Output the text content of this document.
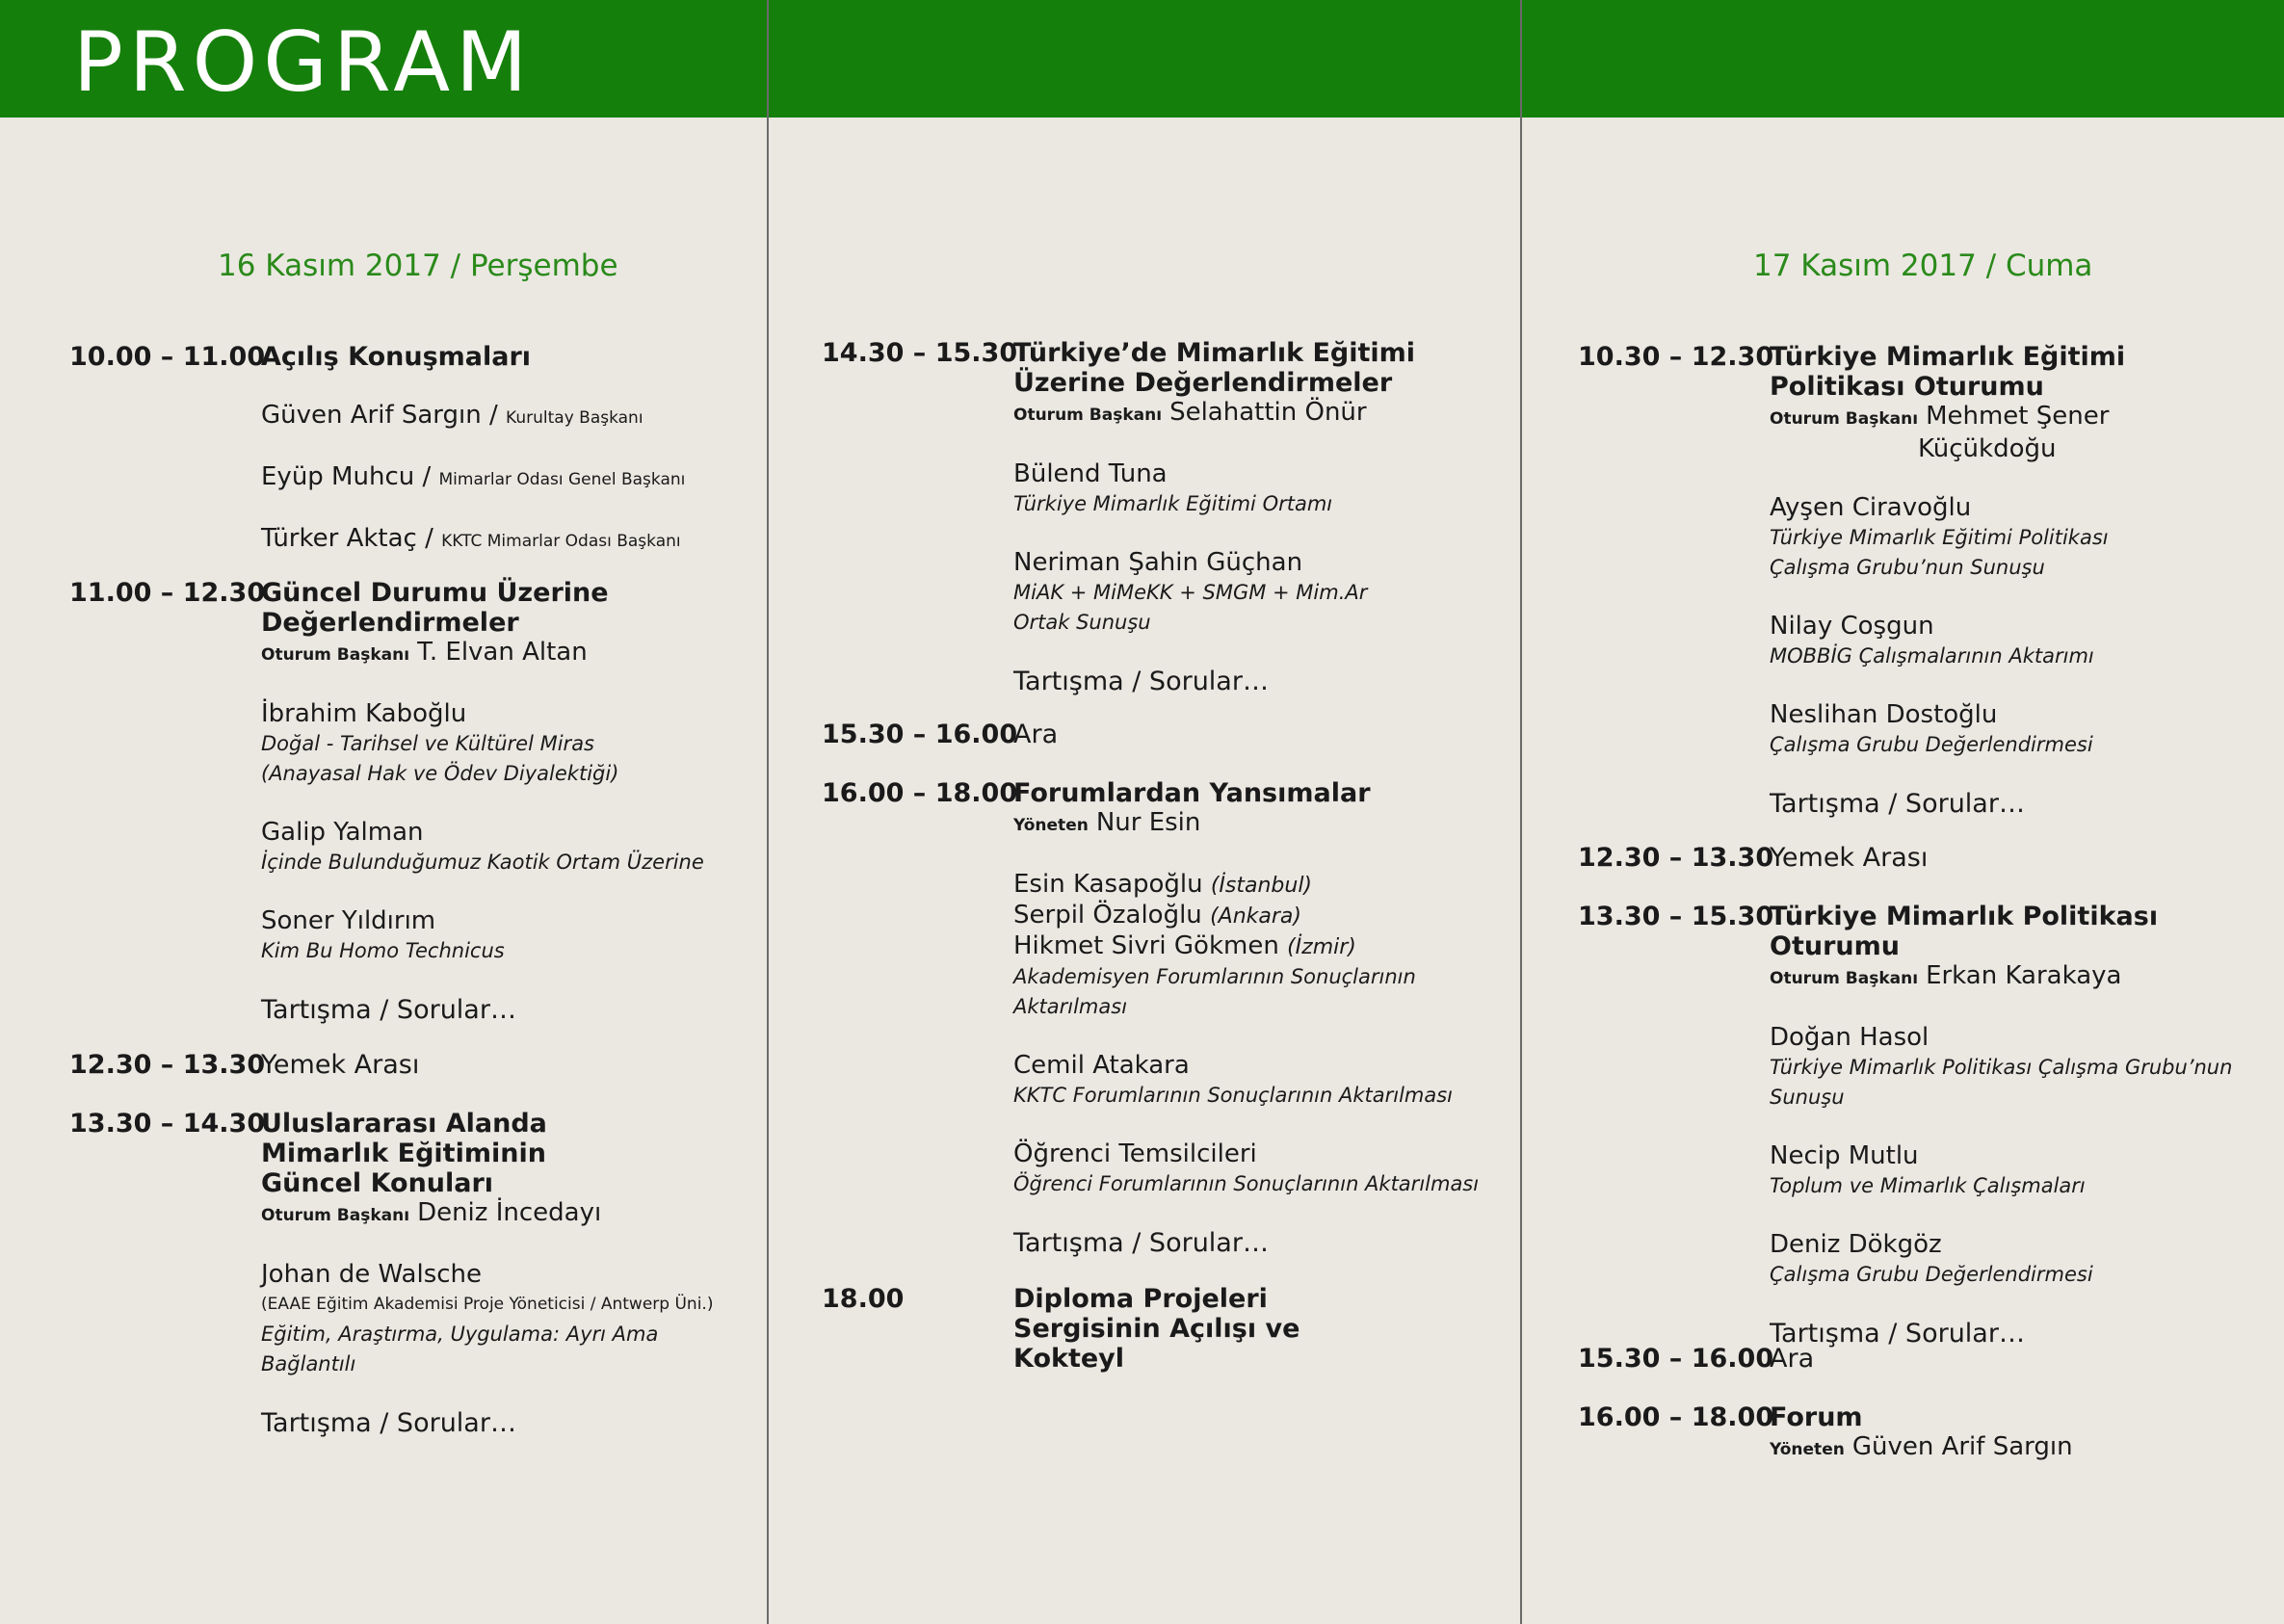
PROGRAM
16 Kasım 2017 / Perşembe
10.00 – 11.00
Açılış Konuşmaları
Güven Arif Sargın / Kurultay Başkanı
Eyüp Muhcu / Mimarlar Odası Genel Başkanı
Türker Aktaç / KKTC Mimarlar Odası Başkanı
11.00 – 12.30
Güncel Durumu Üzerine Değerlendirmeler
Oturum Başkanı T. Elvan Altan
İbrahim Kaboğlu
Doğal - Tarihsel ve Kültürel Miras
(Anayasal Hak ve Ödev Diyalektiği)
Galip Yalman
İçinde Bulunduğumuz Kaotik Ortam Üzerine
Soner Yıldırım
Kim Bu Homo Technicus
Tartışma / Sorular…
12.30 – 13.30
Yemek Arası
13.30 – 14.30
Uluslararası Alanda Mimarlık Eğitiminin Güncel Konuları
Oturum Başkanı Deniz İncedayı
Johan de Walsche
(EAAE Eğitim Akademisi Proje Yöneticisi / Antwerp Üni.)
Eğitim, Araştırma, Uygulama: Ayrı Ama Bağlantılı
Tartışma / Sorular…
14.30 – 15.30
Türkiye’de Mimarlık Eğitimi Üzerine Değerlendirmeler
Oturum Başkanı Selahattin Önür
Bülend Tuna
Türkiye Mimarlık Eğitimi Ortamı
Neriman Şahin Güçhan
MiAK + MiMeKK + SMGM + Mim.Ar
Ortak Sunuşu
Tartışma / Sorular…
15.30 – 16.00
Ara
16.00 – 18.00
Forumlardan Yansımalar
Yöneten Nur Esin
Esin Kasapoğlu (İstanbul)
Serpil Özaloğlu (Ankara)
Hikmet Sivri Gökmen (İzmir)
Akademisyen Forumlarının Sonuçlarının
Aktarılması
Cemil Atakara
KKTC Forumlarının Sonuçlarının Aktarılması
Öğrenci Temsilcileri
Öğrenci Forumlarının Sonuçlarının Aktarılması
Tartışma / Sorular…
18.00	Diploma Projeleri Sergisinin Açılışı ve Kokteyl
17 Kasım 2017 / Cuma
10.30 – 12.30
Türkiye Mimarlık Eğitimi Politikası Oturumu
Oturum Başkanı Mehmet Şener
Küçükdoğu
Ayşen Ciravoğlu
Türkiye Mimarlık Eğitimi Politikası
Çalışma Grubu’nun Sunuşu
Nilay Coşgun
MOBBİG Çalışmalarının Aktarımı
Neslihan Dostoğlu
Çalışma Grubu Değerlendirmesi
Tartışma / Sorular…
12.30 – 13.30
Yemek Arası
13.30 – 15.30
Türkiye Mimarlık Politikası Oturumu
Oturum Başkanı Erkan Karakaya
Doğan Hasol
Türkiye Mimarlık Politikası Çalışma Grubu’nun
Sunuşu
Necip Mutlu
Toplum ve Mimarlık Çalışmaları
Deniz Dökgöz
Çalışma Grubu Değerlendirmesi
Tartışma / Sorular…
15.30 – 16.00
Ara
16.00 – 18.00
Forum
Yöneten Güven Arif Sargın
